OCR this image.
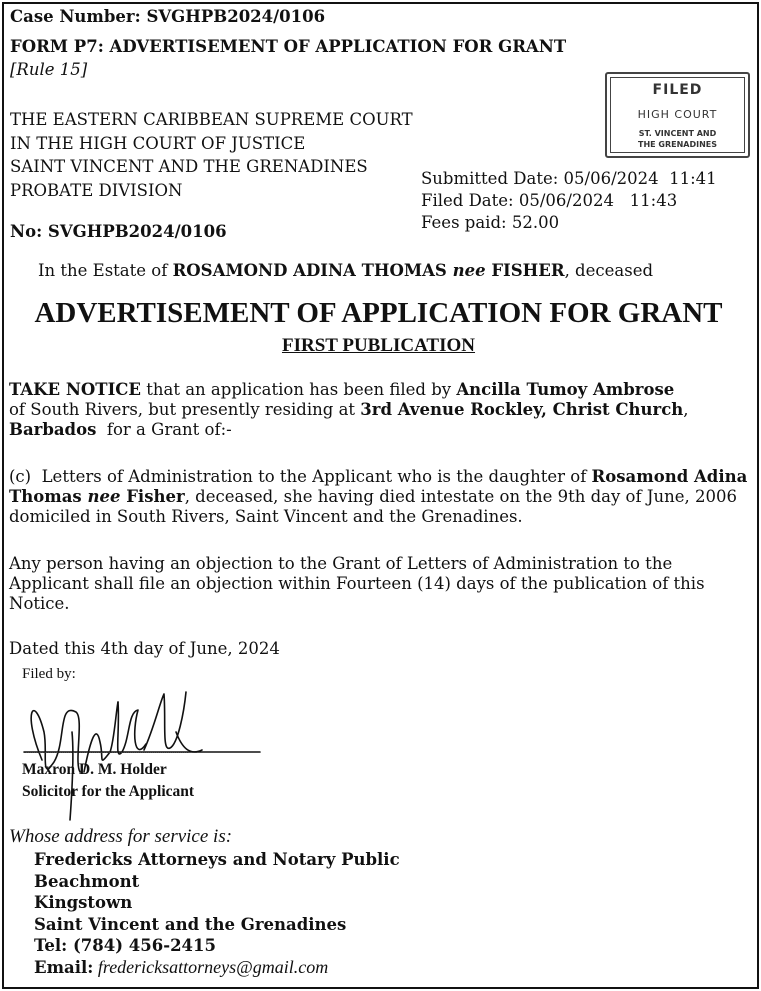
Case Number: SVGHPB2024/0106
FORM P7: ADVERTISEMENT OF APPLICATION FOR GRANT
[Rule 15]
THE EASTERN CARIBBEAN SUPREME COURT
IN THE HIGH COURT OF JUSTICE
SAINT VINCENT AND THE GRENADINES
PROBATE DIVISION
No: SVGHPB2024/0106
FILED
HIGH COURT
ST. VINCENT AND
THE GRENADINES
Submitted Date: 05/06/2024  11:41
Filed Date: 05/06/2024   11:43
Fees paid: 52.00
In the Estate of ROSAMOND ADINA THOMAS nee FISHER, deceased
ADVERTISEMENT OF APPLICATION FOR GRANT
FIRST PUBLICATION
TAKE NOTICE that an application has been filed by Ancilla Tumoy Ambrose
of South Rivers, but presently residing at 3rd Avenue Rockley, Christ Church, Barbados  for a Grant of:-
(c)  Letters of Administration to the Applicant who is the daughter of Rosamond Adina Thomas nee Fisher, deceased, she having died intestate on the 9th day of June, 2006 domiciled in South Rivers, Saint Vincent and the Grenadines.
Any person having an objection to the Grant of Letters of Administration to the Applicant shall file an objection within Fourteen (14) days of the publication of this Notice.
Dated this 4th day of June, 2024
Filed by:
Maxron D. M. Holder
Solicitor for the Applicant
Whose address for service is:
Fredericks Attorneys and Notary Public
Beachmont
Kingstown
Saint Vincent and the Grenadines
Tel: (784) 456-2415
Email: fredericksattorneys@gmail.com
